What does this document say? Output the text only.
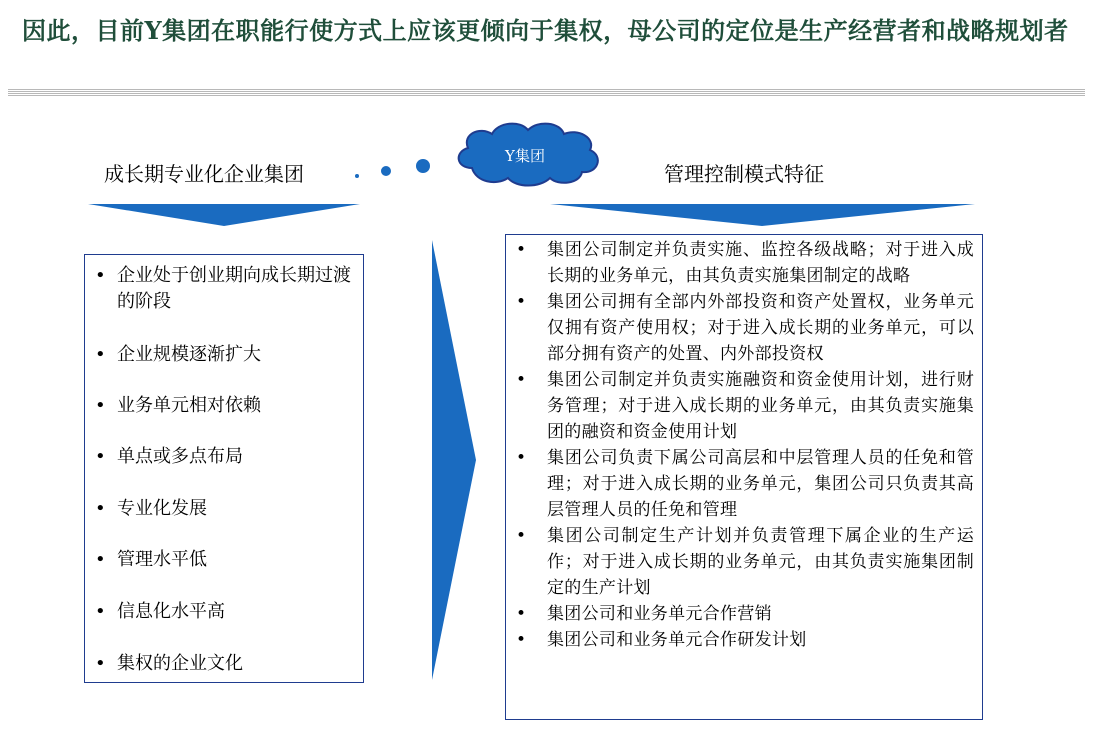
因此，目前Y集团在职能行使方式上应该更倾向于集权，母公司的定位是生产经营者和战略规划者
成长期专业化企业集团
Y集团
管理控制模式特征
• 企业处于创业期向成长期过渡的阶段
• 企业规模逐渐扩大
• 业务单元相对依赖
• 单点或多点布局
• 专业化发展
• 管理水平低
• 信息化水平高
• 集权的企业文化
• 集团公司制定并负责实施、监控各级战略；对于进入成长期的业务单元，由其负责实施集团制定的战略
• 集团公司拥有全部内外部投资和资产处置权，业务单元仅拥有资产使用权；对于进入成长期的业务单元，可以部分拥有资产的处置、内外部投资权
• 集团公司制定并负责实施融资和资金使用计划，进行财务管理；对于进入成长期的业务单元，由其负责实施集团的融资和资金使用计划
• 集团公司负责下属公司高层和中层管理人员的任免和管理；对于进入成长期的业务单元，集团公司只负责其高层管理人员的任免和管理
• 集团公司制定生产计划并负责管理下属企业的生产运作；对于进入成长期的业务单元，由其负责实施集团制定的生产计划
• 集团公司和业务单元合作营销
• 集团公司和业务单元合作研发计划
